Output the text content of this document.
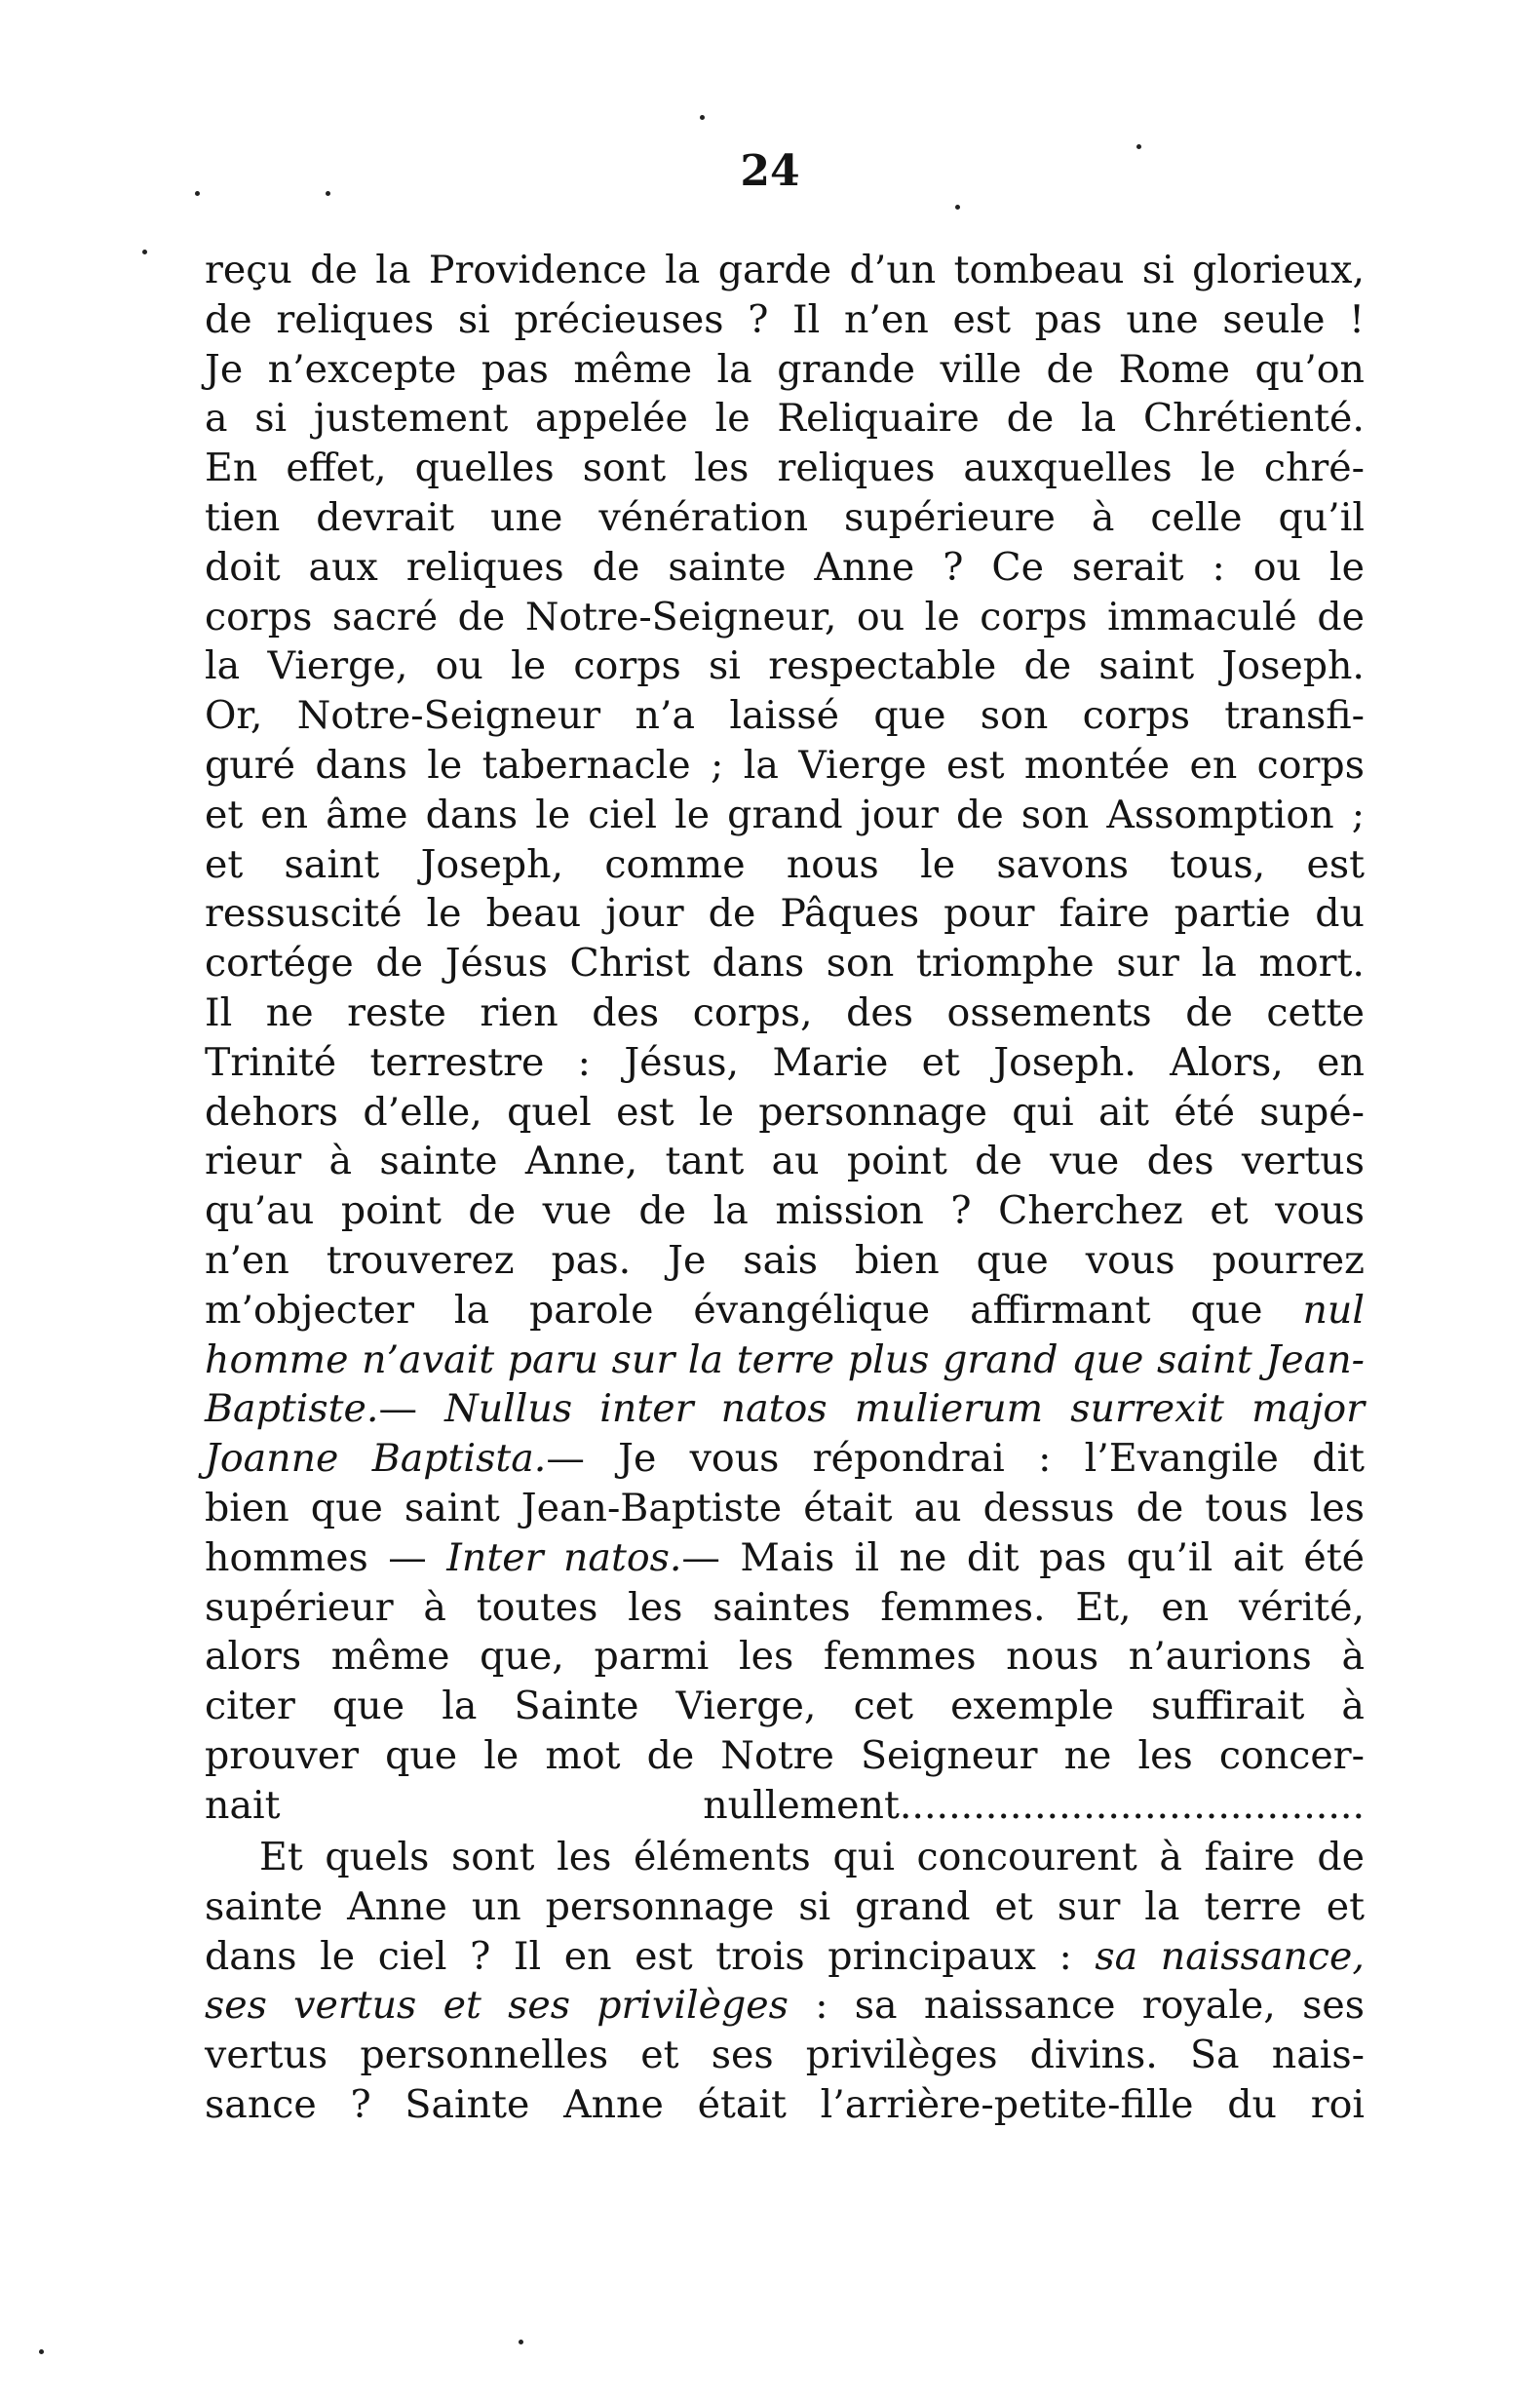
24
reçu de la Providence la garde d’un tombeau si glorieux,
de reliques si précieuses ? Il n’en est pas une seule !
Je n’excepte pas même la grande ville de Rome qu’on
a si justement appelée le Reliquaire de la Chrétienté.
En effet, quelles sont les reliques auxquelles le chré-
tien devrait une vénération supérieure à celle qu’il
doit aux reliques de sainte Anne ? Ce serait : ou le
corps sacré de Notre-Seigneur, ou le corps immaculé de
la Vierge, ou le corps si respectable de saint Joseph.
Or, Notre-Seigneur n’a laissé que son corps transfi-
guré dans le tabernacle ; la Vierge est montée en corps
et en âme dans le ciel le grand jour de son Assomption ;
et saint Joseph, comme nous le savons tous, est
ressuscité le beau jour de Pâques pour faire partie du
cortége de Jésus Christ dans son triomphe sur la mort.
Il ne reste rien des corps, des ossements de cette
Trinité terrestre : Jésus, Marie et Joseph. Alors, en
dehors d’elle, quel est le personnage qui ait été supé-
rieur à sainte Anne, tant au point de vue des vertus
qu’au point de vue de la mission ? Cherchez et vous
n’en trouverez pas. Je sais bien que vous pourrez
m’objecter la parole évangélique affirmant que nul
homme n’avait paru sur la terre plus grand que saint Jean-
Baptiste.— Nullus inter natos mulierum surrexit major
Joanne Baptista.— Je vous répondrai : l’Evangile dit
bien que saint Jean-Baptiste était au dessus de tous les
hommes — Inter natos.— Mais il ne dit pas qu’il ait été
supérieur à toutes les saintes femmes. Et, en vérité,
alors même que, parmi les femmes nous n’aurions à
citer que la Sainte Vierge, cet exemple suffirait à
prouver que le mot de Notre Seigneur ne les concer-
nait nullement......................................
Et quels sont les éléments qui concourent à faire de
sainte Anne un personnage si grand et sur la terre et
dans le ciel ? Il en est trois principaux : sa naissance,
ses vertus et ses privilèges : sa naissance royale, ses
vertus personnelles et ses privilèges divins. Sa nais-
sance ? Sainte Anne était l’arrière-petite-fille du roi
